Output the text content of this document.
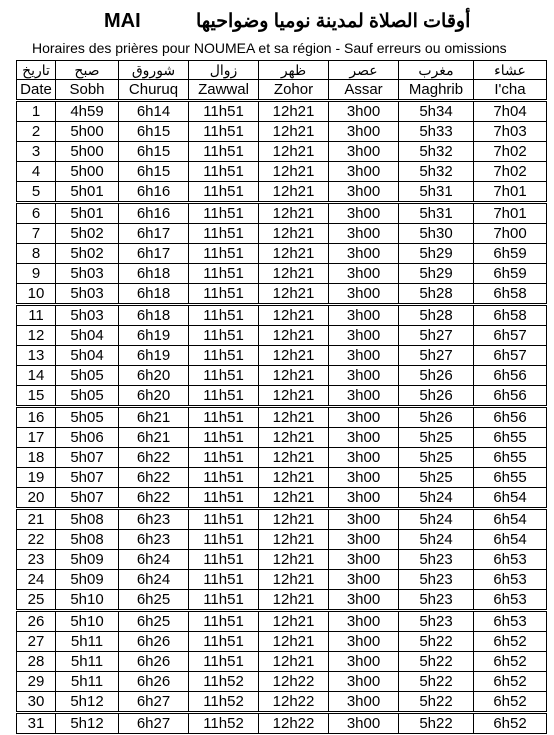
MAI	أوقات الصلاة لمدينة نوميا وضواحيها
Horaires des prières pour NOUMEA et sa région - Sauf erreurs ou omissions
تاريخ	صبح	شوروق	زوال	ظهر	عصر	مغرب	عشاء
Date	Sobh	Churuq	Zawwal	Zohor	Assar	Maghrib	I'cha
1	4h59	6h14	11h51	12h21	3h00	5h34	7h04
2	5h00	6h15	11h51	12h21	3h00	5h33	7h03
3	5h00	6h15	11h51	12h21	3h00	5h32	7h02
4	5h00	6h15	11h51	12h21	3h00	5h32	7h02
5	5h01	6h16	11h51	12h21	3h00	5h31	7h01
6	5h01	6h16	11h51	12h21	3h00	5h31	7h01
7	5h02	6h17	11h51	12h21	3h00	5h30	7h00
8	5h02	6h17	11h51	12h21	3h00	5h29	6h59
9	5h03	6h18	11h51	12h21	3h00	5h29	6h59
10	5h03	6h18	11h51	12h21	3h00	5h28	6h58
11	5h03	6h18	11h51	12h21	3h00	5h28	6h58
12	5h04	6h19	11h51	12h21	3h00	5h27	6h57
13	5h04	6h19	11h51	12h21	3h00	5h27	6h57
14	5h05	6h20	11h51	12h21	3h00	5h26	6h56
15	5h05	6h20	11h51	12h21	3h00	5h26	6h56
16	5h05	6h21	11h51	12h21	3h00	5h26	6h56
17	5h06	6h21	11h51	12h21	3h00	5h25	6h55
18	5h07	6h22	11h51	12h21	3h00	5h25	6h55
19	5h07	6h22	11h51	12h21	3h00	5h25	6h55
20	5h07	6h22	11h51	12h21	3h00	5h24	6h54
21	5h08	6h23	11h51	12h21	3h00	5h24	6h54
22	5h08	6h23	11h51	12h21	3h00	5h24	6h54
23	5h09	6h24	11h51	12h21	3h00	5h23	6h53
24	5h09	6h24	11h51	12h21	3h00	5h23	6h53
25	5h10	6h25	11h51	12h21	3h00	5h23	6h53
26	5h10	6h25	11h51	12h21	3h00	5h23	6h53
27	5h11	6h26	11h51	12h21	3h00	5h22	6h52
28	5h11	6h26	11h51	12h21	3h00	5h22	6h52
29	5h11	6h26	11h52	12h22	3h00	5h22	6h52
30	5h12	6h27	11h52	12h22	3h00	5h22	6h52
31	5h12	6h27	11h52	12h22	3h00	5h22	6h52
